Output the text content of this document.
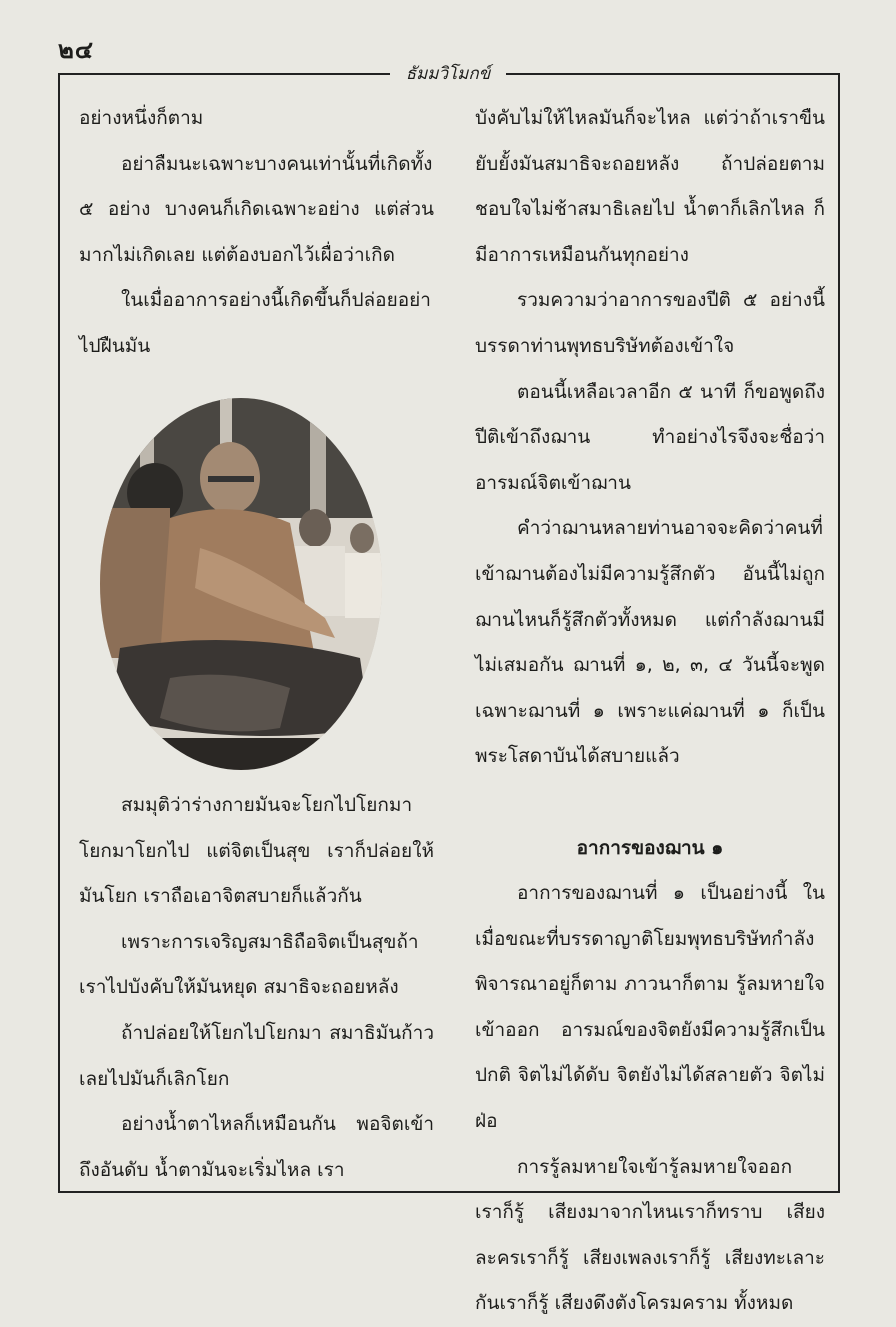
๒๔
ธัมมวิโมกข์

อย่างหนึ่งก็ตาม

อย่าลืมนะเฉพาะบางคนเท่านั้นที่เกิดทั้ง ๕ อย่าง บางคนก็เกิดเฉพาะอย่าง แต่ส่วนมากไม่เกิดเลย แต่ต้องบอกไว้เผื่อว่าเกิด

ในเมื่ออาการอย่างนี้เกิดขึ้นก็ปล่อยอย่าไปฝืนมัน

สมมุติว่าร่างกายมันจะโยกไปโยกมาโยกมาโยกไป แต่จิตเป็นสุข เราก็ปล่อยให้มันโยก เราถือเอาจิตสบายก็แล้วกัน

เพราะการเจริญสมาธิถือจิตเป็นสุขถ้าเราไปบังคับให้มันหยุด สมาธิจะถอยหลัง

ถ้าปล่อยให้โยกไปโยกมา สมาธิมันก้าวเลยไปมันก็เลิกโยก

อย่างน้ำตาไหลก็เหมือนกัน พอจิตเข้าถึงอันดับ น้ำตามันจะเริ่มไหล เรา

บังคับไม่ให้ไหลมันก็จะไหล แต่ว่าถ้าเราขืนยับยั้งมันสมาธิจะถอยหลัง ถ้าปล่อยตามชอบใจไม่ช้าสมาธิเลยไป น้ำตาก็เลิกไหล ก็มีอาการเหมือนกันทุกอย่าง

รวมความว่าอาการของปีติ ๕ อย่างนี้บรรดาท่านพุทธบริษัทต้องเข้าใจ

ตอนนี้เหลือเวลาอีก ๕ นาที ก็ขอพูดถึงปีติเข้าถึงฌาน ทำอย่างไรจึงจะชื่อว่าอารมณ์จิตเข้าฌาน

คำว่าฌานหลายท่านอาจจะคิดว่าคนที่เข้าฌานต้องไม่มีความรู้สึกตัว อันนี้ไม่ถูก ฌานไหนก็รู้สึกตัวทั้งหมด แต่กำลังฌานมีไม่เสมอกัน ฌานที่ ๑, ๒, ๓, ๔ วันนี้จะพูดเฉพาะฌานที่ ๑ เพราะแค่ฌานที่ ๑ ก็เป็นพระโสดาบันได้สบายแล้ว

อาการของฌาน ๑

อาการของฌานที่ ๑ เป็นอย่างนี้ ในเมื่อขณะที่บรรดาญาติโยมพุทธบริษัทกำลังพิจารณาอยู่ก็ตาม ภาวนาก็ตาม รู้ลมหายใจเข้าออก อารมณ์ของจิตยังมีความรู้สึกเป็นปกติ จิตไม่ได้ดับ จิตยังไม่ได้สลายตัว จิตไม่ฝ่อ

การรู้ลมหายใจเข้ารู้ลมหายใจออก เราก็รู้ เสียงมาจากไหนเราก็ทราบ เสียงละครเราก็รู้ เสียงเพลงเราก็รู้ เสียงทะเลาะกันเราก็รู้ เสียงดึงตังโครมคราม ทั้งหมด
